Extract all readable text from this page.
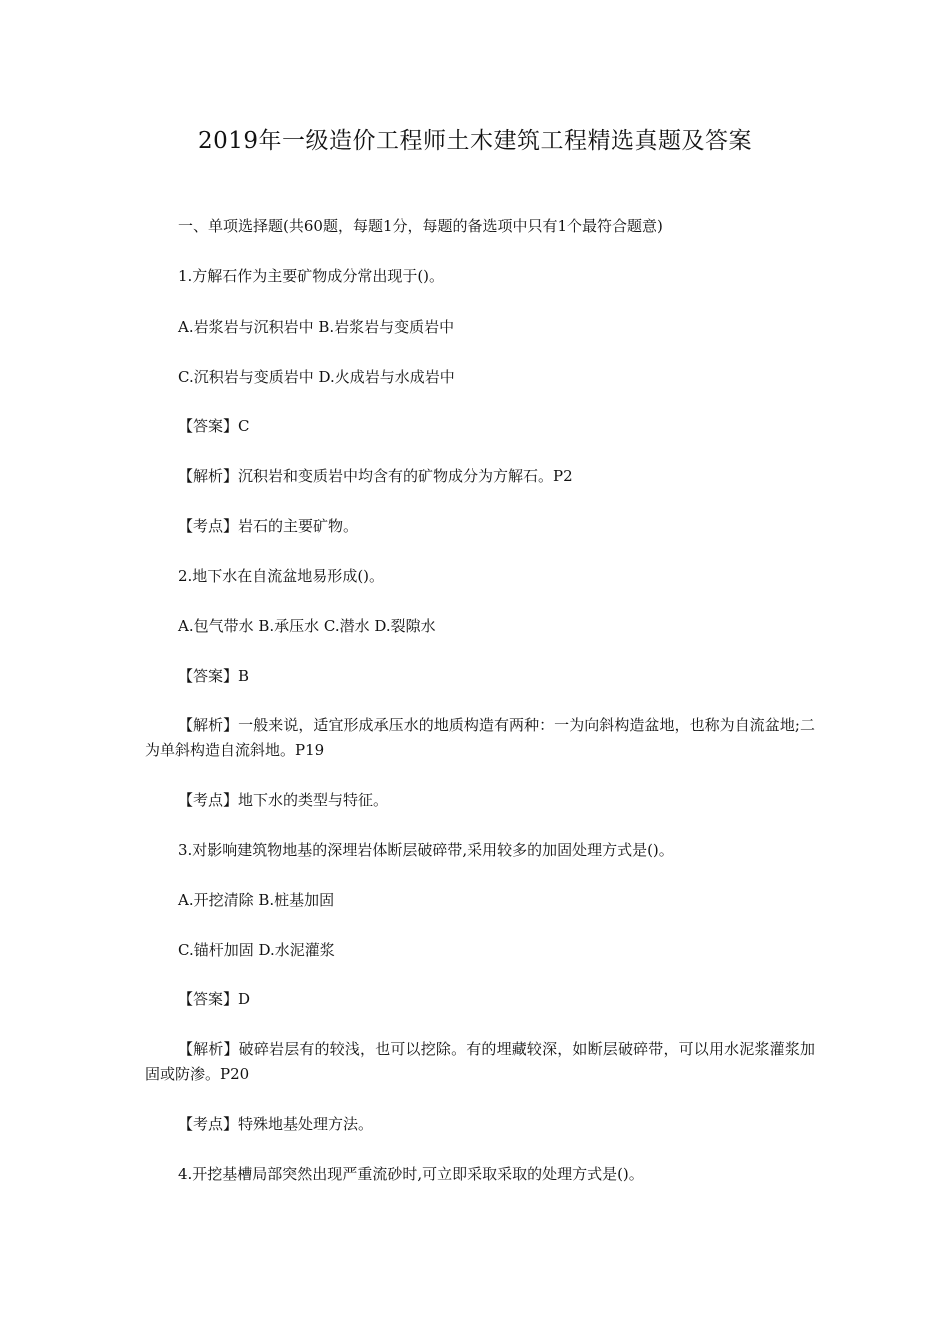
2019年一级造价工程师土木建筑工程精选真题及答案
一、单项选择题(共60题，每题1分，每题的备选项中只有1个最符合题意)
1.方解石作为主要矿物成分常出现于()。
A.岩浆岩与沉积岩中 B.岩浆岩与变质岩中
C.沉积岩与变质岩中 D.火成岩与水成岩中
【答案】C
【解析】沉积岩和变质岩中均含有的矿物成分为方解石。P2
【考点】岩石的主要矿物。
2.地下水在自流盆地易形成()。
A.包气带水 B.承压水 C.潜水 D.裂隙水
【答案】B
【解析】一般来说，适宜形成承压水的地质构造有两种：一为向斜构造盆地，也称为自流盆地;二为单斜构造自流斜地。P19
【考点】地下水的类型与特征。
3.对影响建筑物地基的深埋岩体断层破碎带,采用较多的加固处理方式是()。
A.开挖清除 B.桩基加固
C.锚杆加固 D.水泥灌浆
【答案】D
【解析】破碎岩层有的较浅，也可以挖除。有的埋藏较深，如断层破碎带，可以用水泥浆灌浆加固或防渗。P20
【考点】特殊地基处理方法。
4.开挖基槽局部突然出现严重流砂时,可立即采取采取的处理方式是()。
